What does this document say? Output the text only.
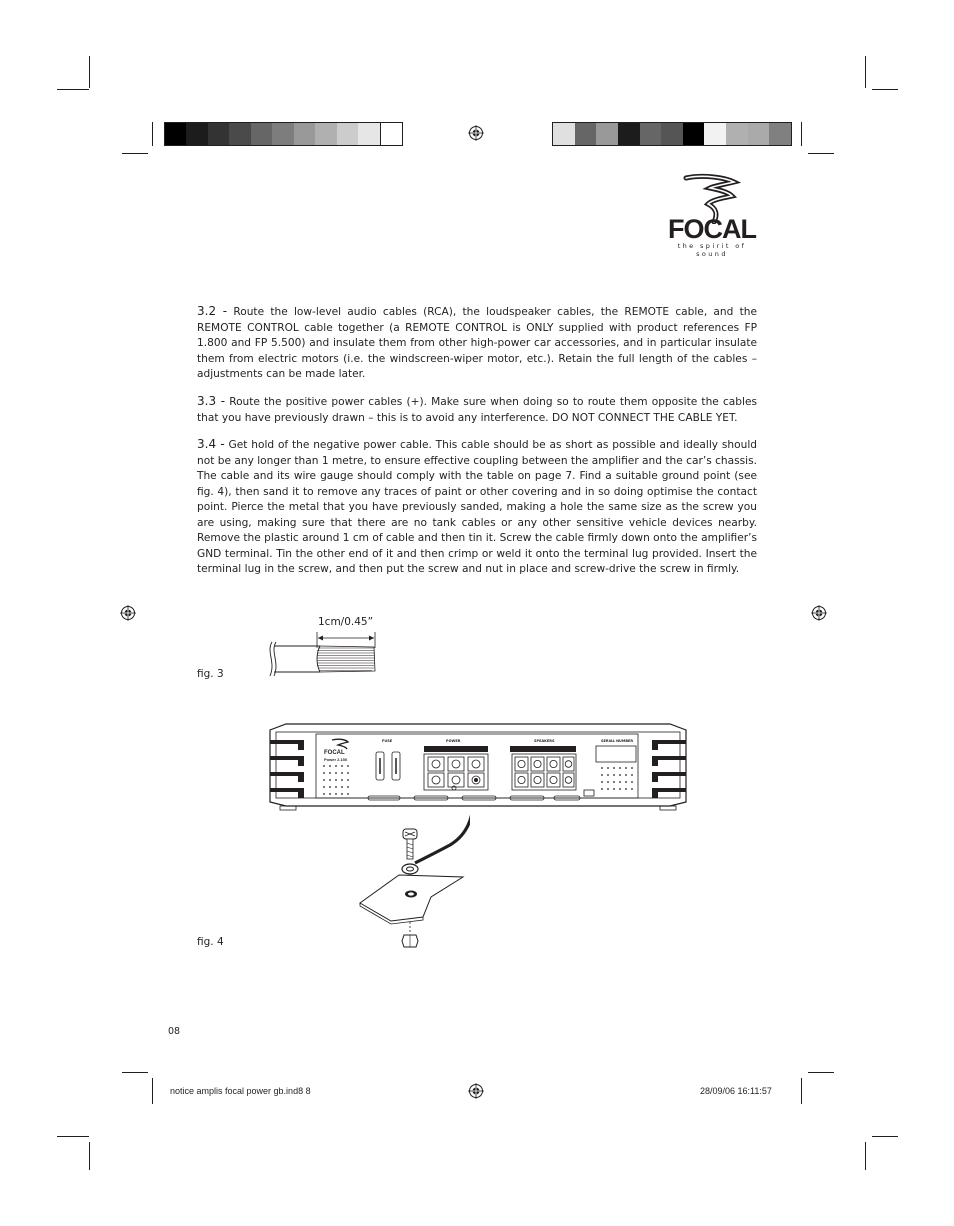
FOCAL
the spirit of sound
3.2 - Route the low-level audio cables (RCA), the loudspeaker cables, the REMOTE cable, and the REMOTE CONTROL cable together (a REMOTE CONTROL is ONLY supplied with product references FP 1.800 and FP 5.500) and insulate them from other high-power car accessories, and in particular insulate them from electric motors (i.e. the windscreen-wiper motor, etc.). Retain the full length of the cables – adjustments can be made later.
3.3 - Route the positive power cables (+). Make sure when doing so to route them opposite the cables that you have previously drawn – this is to avoid any interference. DO NOT CONNECT THE CABLE YET.
3.4 - Get hold of the negative power cable. This cable should be as short as possible and ideally should not be any longer than 1 metre, to ensure effective coupling between the amplifier and the car’s chassis. The cable and its wire gauge should comply with the table on page 7. Find a suitable ground point (see fig. 4), then sand it to remove any traces of paint or other covering and in so doing optimise the contact point. Pierce the metal that you have previously sanded, making a hole the same size as the screw you are using, making sure that there are no tank cables or any other sensitive vehicle devices nearby. Remove the plastic around 1 cm of cable and then tin it. Screw the cable firmly down onto the amplifier’s GND terminal. Tin the other end of it and then crimp or weld it onto the terminal lug provided. Insert the terminal lug in the screw, and then put the screw and nut in place and screw-drive the screw in firmly.
fig. 3
1cm/0.45”
fig. 4
FOCAL
Power 2.150
FUSE	POWER	SPEAKERS	SERIAL NUMBER
08
notice amplis focal power gb.ind8 8	28/09/06 16:11:57
